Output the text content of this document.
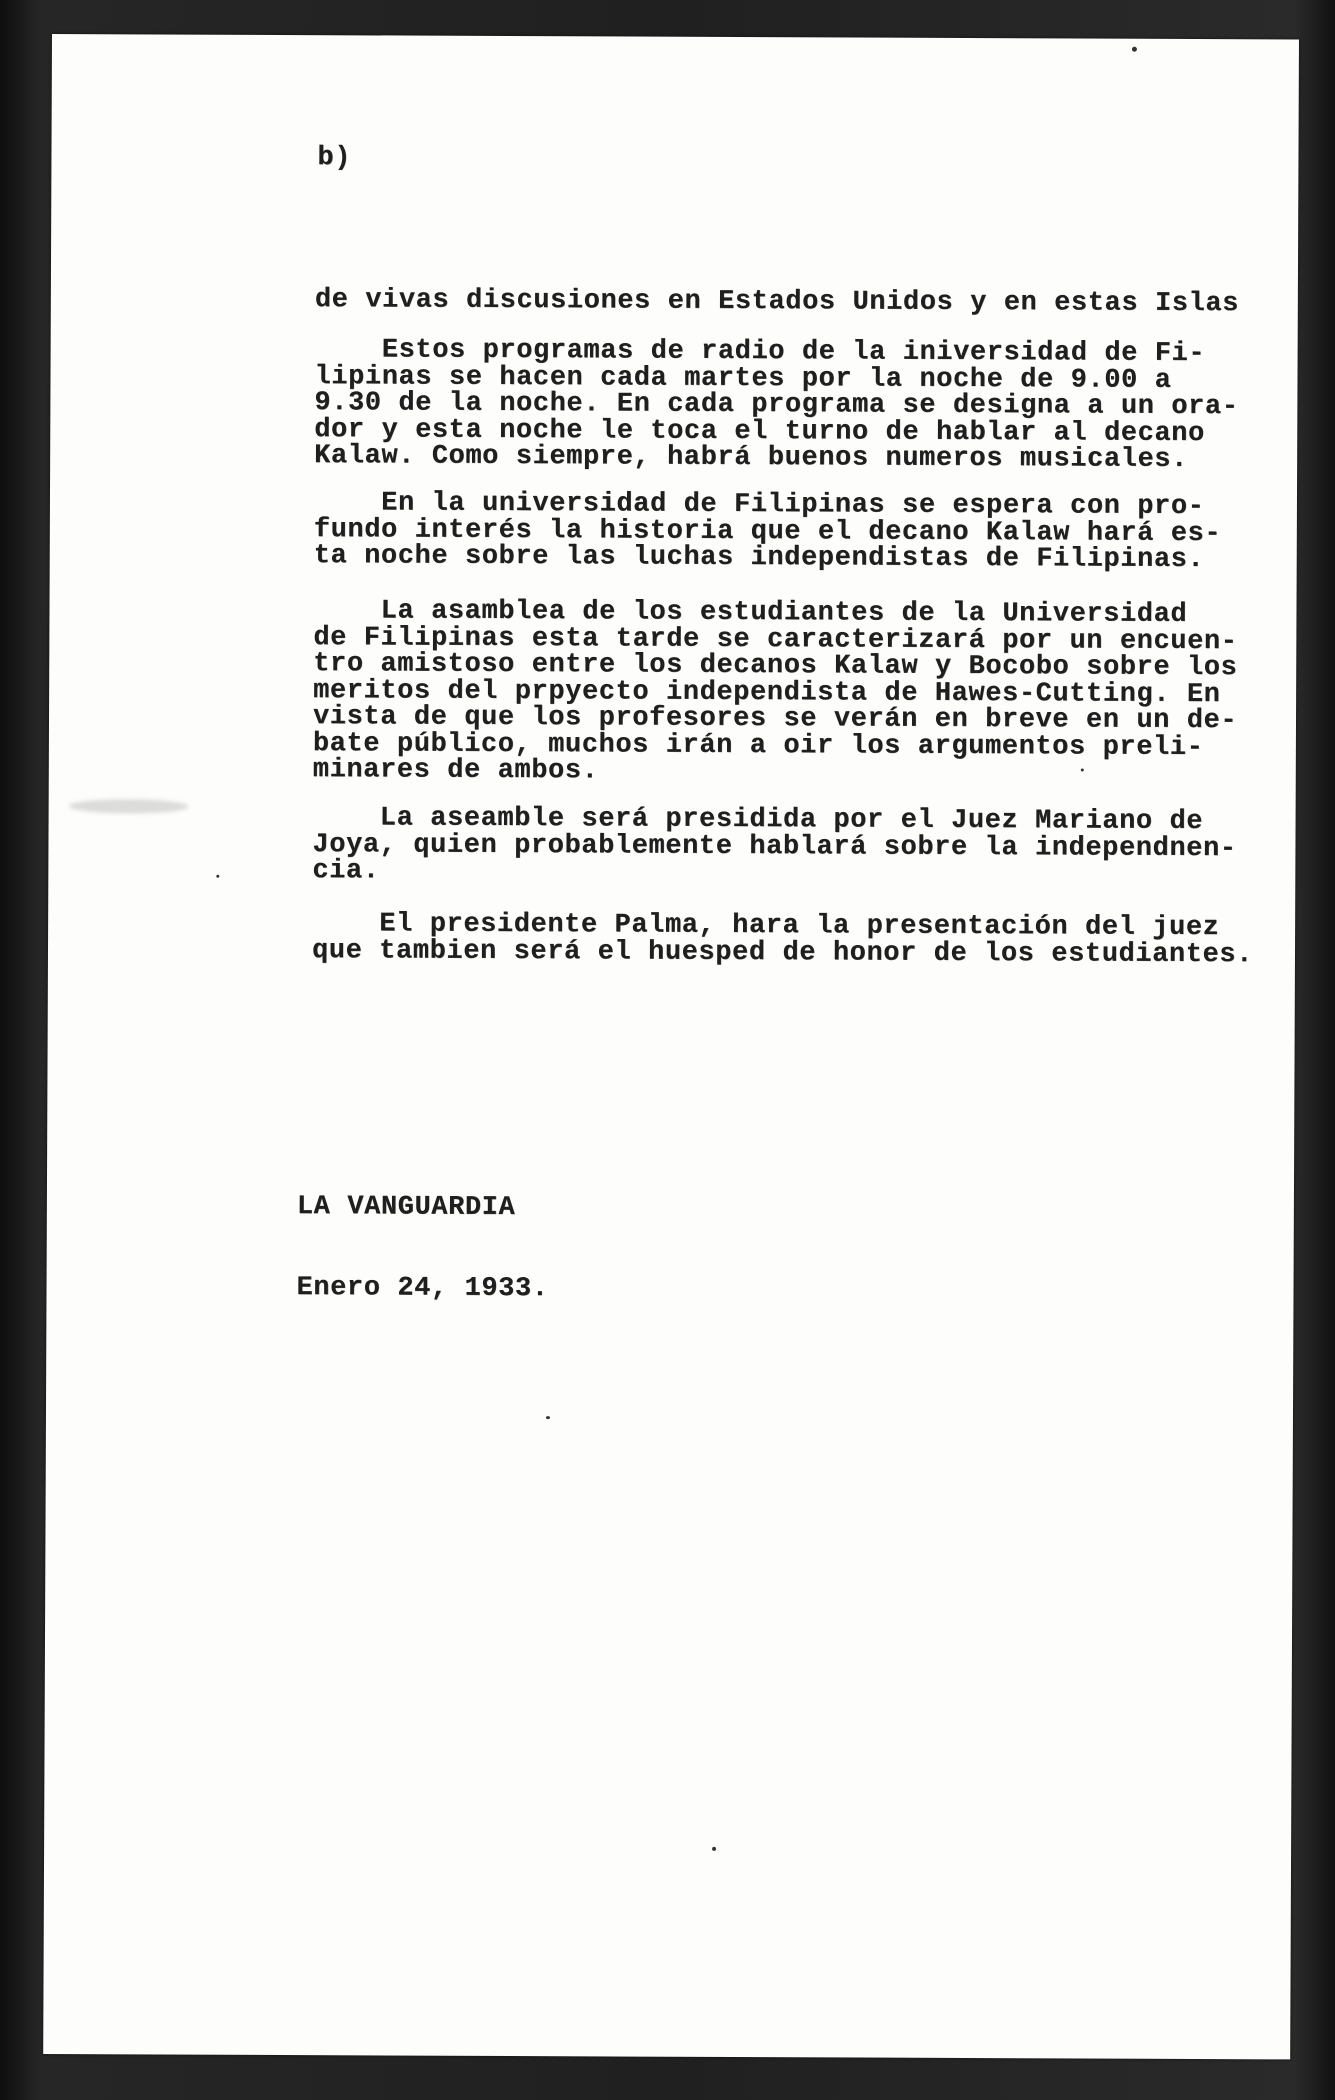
b)
de vivas discusiones en Estados Unidos y en estas Islas
Estos programas de radio de la iniversidad de Fi-
lipinas se hacen cada martes por la noche de 9.00 a
9.30 de la noche. En cada programa se designa a un ora-
dor y esta noche le toca el turno de hablar al decano
Kalaw. Como siempre, habrá buenos numeros musicales.
En la universidad de Filipinas se espera con pro-
fundo interés la historia que el decano Kalaw hará es-
ta noche sobre las luchas independistas de Filipinas.
La asamblea de los estudiantes de la Universidad
de Filipinas esta tarde se caracterizará por un encuen-
tro amistoso entre los decanos Kalaw y Bocobo sobre los
meritos del prpyecto independista de Hawes-Cutting. En
vista de que los profesores se verán en breve en un de-
bate público, muchos irán a oir los argumentos preli-
minares de ambos.
La aseamble será presidida por el Juez Mariano de
Joya, quien probablemente hablará sobre la independnen-
cia.
El presidente Palma, hara la presentación del juez
que tambien será el huesped de honor de los estudiantes.

LA VANGUARDIA

Enero 24, 1933.
